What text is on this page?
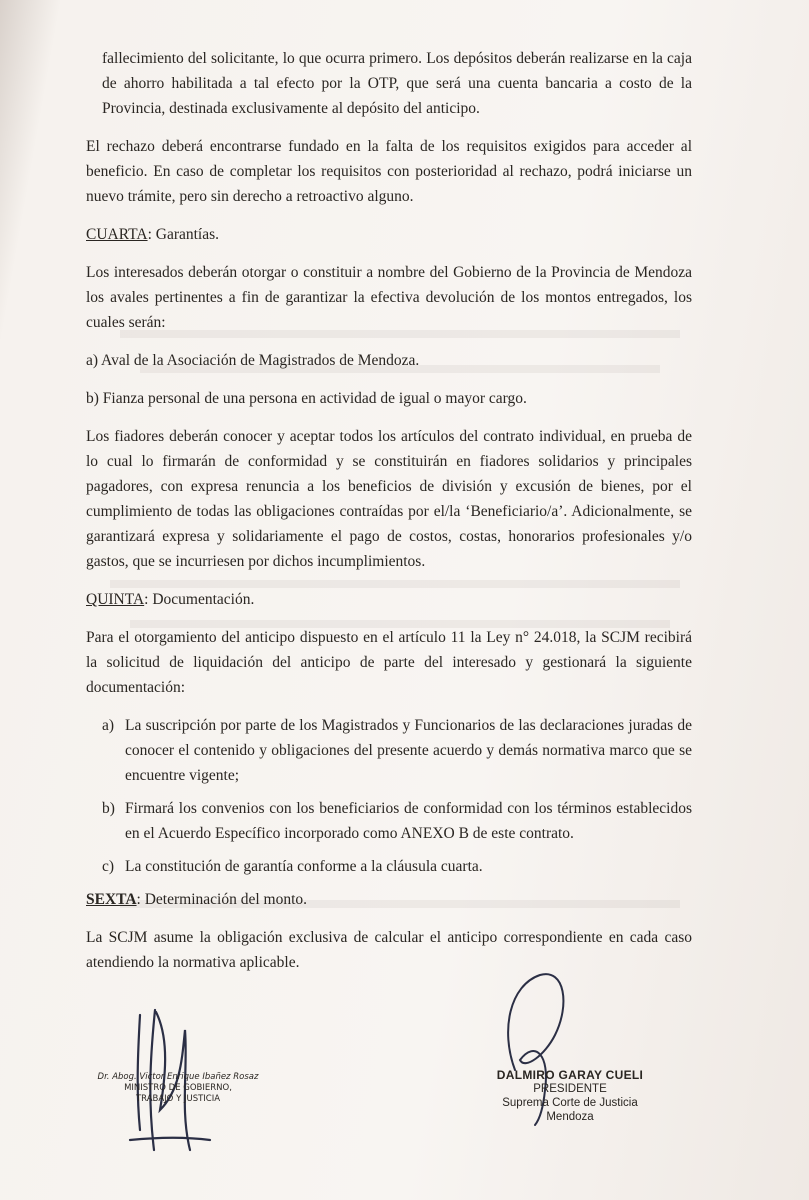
fallecimiento del solicitante, lo que ocurra primero. Los depósitos deberán realizarse en la caja de ahorro habilitada a tal efecto por la OTP, que será una cuenta bancaria a costo de la Provincia, destinada exclusivamente al depósito del anticipo.

El rechazo deberá encontrarse fundado en la falta de los requisitos exigidos para acceder al beneficio. En caso de completar los requisitos con posterioridad al rechazo, podrá iniciarse un nuevo trámite, pero sin derecho a retroactivo alguno.

CUARTA: Garantías.

Los interesados deberán otorgar o constituir a nombre del Gobierno de la Provincia de Mendoza los avales pertinentes a fin de garantizar la efectiva devolución de los montos entregados, los cuales serán:

a) Aval de la Asociación de Magistrados de Mendoza.

b) Fianza personal de una persona en actividad de igual o mayor cargo.

Los fiadores deberán conocer y aceptar todos los artículos del contrato individual, en prueba de lo cual lo firmarán de conformidad y se constituirán en fiadores solidarios y principales pagadores, con expresa renuncia a los beneficios de división y excusión de bienes, por el cumplimiento de todas las obligaciones contraídas por el/la ‘Beneficiario/a’. Adicionalmente, se garantizará expresa y solidariamente el pago de costos, costas, honorarios profesionales y/o gastos, que se incurriesen por dichos incumplimientos.

QUINTA: Documentación.

Para el otorgamiento del anticipo dispuesto en el artículo 11 la Ley n° 24.018, la SCJM recibirá la solicitud de liquidación del anticipo de parte del interesado y gestionará la siguiente documentación:

a) La suscripción por parte de los Magistrados y Funcionarios de las declaraciones juradas de conocer el contenido y obligaciones del presente acuerdo y demás normativa marco que se encuentre vigente;
b) Firmará los convenios con los beneficiarios de conformidad con los términos establecidos en el Acuerdo Específico incorporado como ANEXO B de este contrato.
c) La constitución de garantía conforme a la cláusula cuarta.

SEXTA: Determinación del monto.

La SCJM asume la obligación exclusiva de calcular el anticipo correspondiente en cada caso atendiendo la normativa aplicable.

Dr. Abog. Victor Enrique Ibañez Rosaz
MINISTRO DE GOBIERNO,
TRABAJO Y JUSTICIA
DALMIRO GARAY CUELI
PRESIDENTE
Suprema Corte de Justicia
Mendoza
